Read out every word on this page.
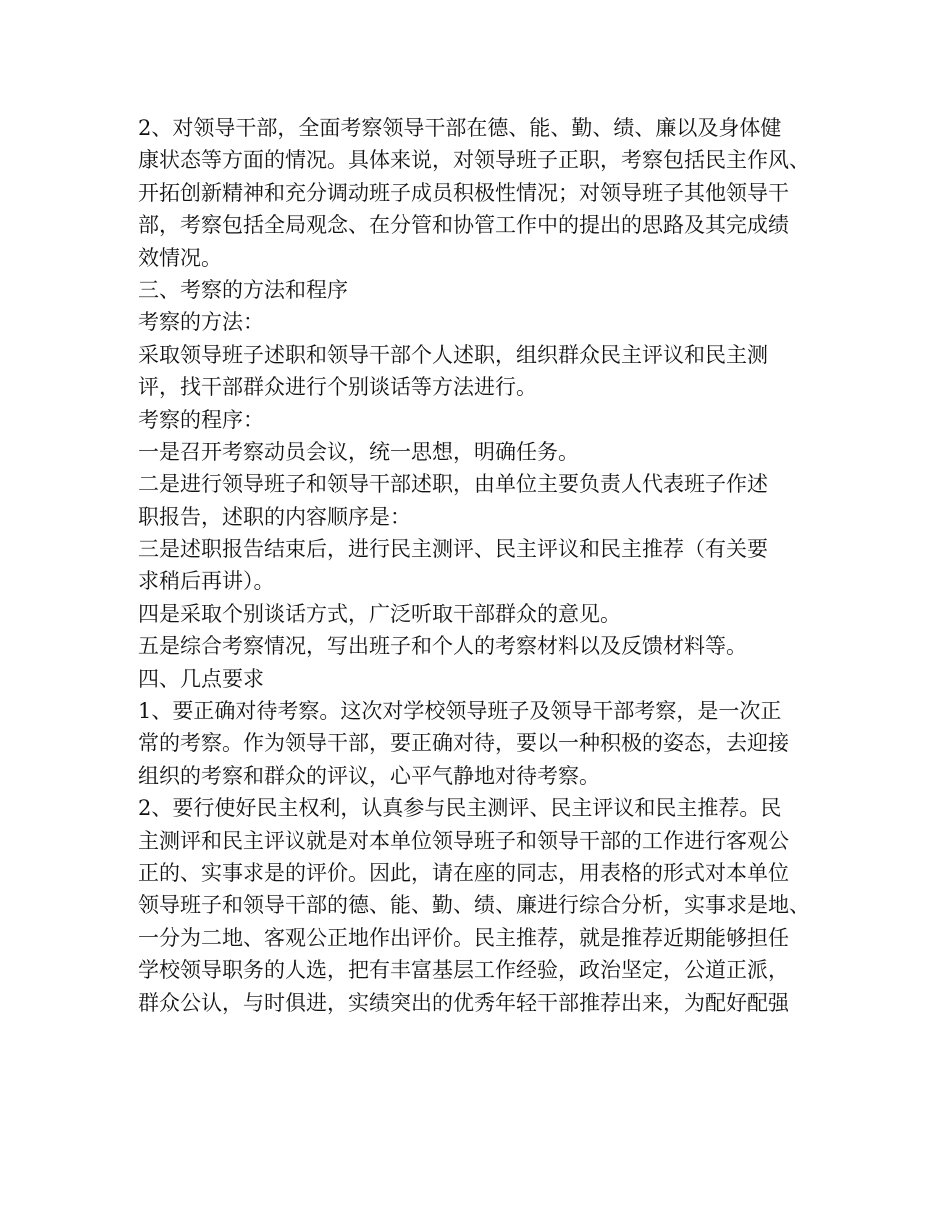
2、对领导干部，全面考察领导干部在德、能、勤、绩、廉以及身体健
康状态等方面的情况。具体来说，对领导班子正职，考察包括民主作风、
开拓创新精神和充分调动班子成员积极性情况；对领导班子其他领导干
部，考察包括全局观念、在分管和协管工作中的提出的思路及其完成绩
效情况。
三、考察的方法和程序
考察的方法：
采取领导班子述职和领导干部个人述职，组织群众民主评议和民主测
评，找干部群众进行个别谈话等方法进行。
考察的程序：
一是召开考察动员会议，统一思想，明确任务。
二是进行领导班子和领导干部述职，由单位主要负责人代表班子作述
职报告，述职的内容顺序是：
三是述职报告结束后，进行民主测评、民主评议和民主推荐（有关要
求稍后再讲）。
四是采取个别谈话方式，广泛听取干部群众的意见。
五是综合考察情况，写出班子和个人的考察材料以及反馈材料等。
四、几点要求
1、要正确对待考察。这次对学校领导班子及领导干部考察，是一次正
常的考察。作为领导干部，要正确对待，要以一种积极的姿态，去迎接
组织的考察和群众的评议，心平气静地对待考察。
2、要行使好民主权利，认真参与民主测评、民主评议和民主推荐。民
主测评和民主评议就是对本单位领导班子和领导干部的工作进行客观公
正的、实事求是的评价。因此，请在座的同志，用表格的形式对本单位
领导班子和领导干部的德、能、勤、绩、廉进行综合分析，实事求是地、
一分为二地、客观公正地作出评价。民主推荐，就是推荐近期能够担任
学校领导职务的人选，把有丰富基层工作经验，政治坚定，公道正派，
群众公认，与时俱进，实绩突出的优秀年轻干部推荐出来，为配好配强
